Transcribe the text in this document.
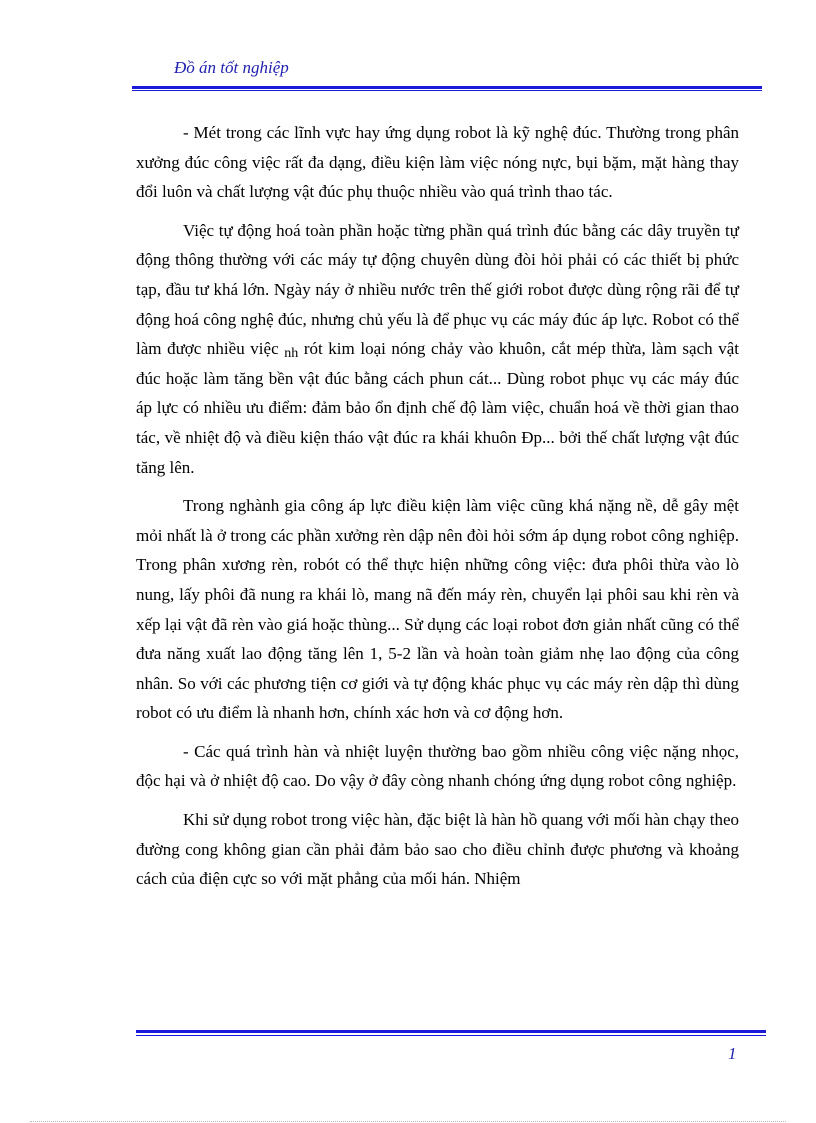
Đồ án tốt nghiệp

- Mét trong các lĩnh vực hay ứng dụng robot là kỹ nghệ đúc. Thường trong phân xưởng đúc công việc rất đa dạng, điều kiện làm việc nóng nực, bụi bặm, mặt hàng thay đổi luôn và chất lượng vật đúc phụ thuộc nhiều vào quá trình thao tác.

Việc tự động hoá toàn phần hoặc từng phần quá trình đúc bằng các dây truyền tự động thông thường với các máy tự động chuyên dùng đòi hỏi phải có các thiết bị phức tạp, đầu tư khá lớn. Ngày náy ở nhiều nước trên thế giới robot được dùng rộng rãi để tự động hoá công nghệ đúc, nhưng chủ yếu là để phục vụ các máy đúc áp lực. Robot có thể làm được nhiều việc $_{nh}$ rót kim loại nóng chảy vào khuôn, cắt mép thừa, làm sạch vật đúc hoặc làm tăng bền vật đúc bằng cách phun cát... Dùng robot phục vụ các máy đúc áp lực có nhiều ưu điểm: đảm bảo ổn định chế độ làm việc, chuẩn hoá về thời gian thao tác, về nhiệt độ và điều kiện tháo vật đúc ra khái khuôn Đp... bởi thế chất lượng vật đúc tăng lên.

Trong nghành gia công áp lực điều kiện làm việc cũng khá nặng nề, dễ gây mệt mỏi nhất là ở trong các phần xưởng rèn dập nên đòi hỏi sớm áp dụng robot công nghiệp. Trong phân xương rèn, robót có thể thực hiện những công việc: đưa phôi thừa vào lò nung, lấy phôi đã nung ra khái lò, mang nã đến máy rèn, chuyển lại phôi sau khi rèn và xếp lại vật đã rèn vào giá hoặc thùng... Sử dụng các loại robot đơn giản nhất cũng có thể đưa năng xuất lao động tăng lên 1, 5-2 lần và hoàn toàn giảm nhẹ lao động của công nhân. So với các phương tiện cơ giới và tự động khác phục vụ các máy rèn dập thì dùng robot có ưu điểm là nhanh hơn, chính xác hơn và cơ động hơn.

- Các quá trình hàn và nhiệt luyện thường bao gồm nhiều công việc nặng nhọc, độc hại và ở nhiệt độ cao. Do vậy ở đây còng nhanh chóng ứng dụng robot công nghiệp.

Khi sử dụng robot trong việc hàn, đặc biệt là hàn hồ quang với mối hàn chạy theo đường cong không gian cần phải đảm bảo sao cho điều chỉnh được phương và khoảng cách của điện cực so với mặt phẳng của mối hán. Nhiệm

1
